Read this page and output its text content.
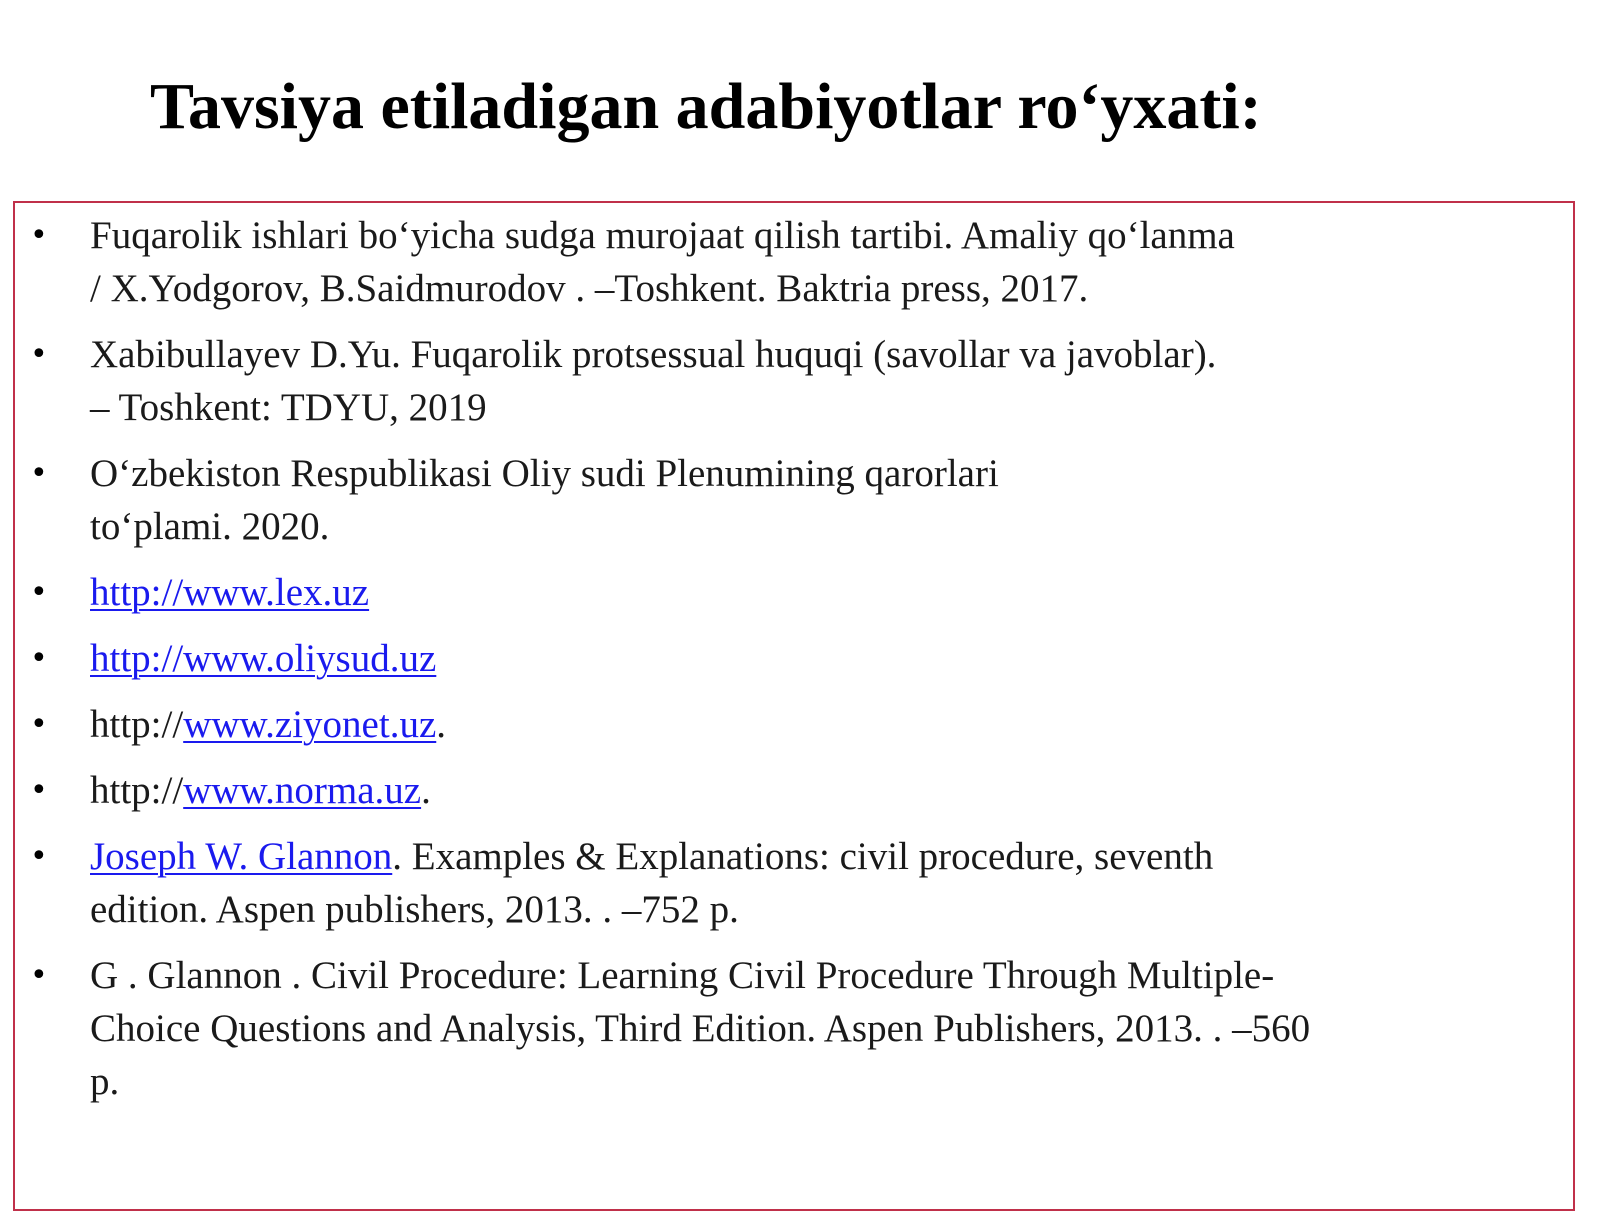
Tavsiya etiladigan adabiyotlar ro‘yxati:
• Fuqarolik ishlari bo‘yicha sudga murojaat qilish tartibi. Amaliy qo‘lanma
/ X.Yodgorov, B.Saidmurodov . –Toshkent. Baktria press, 2017.
• Xabibullayev D.Yu. Fuqarolik protsessual huquqi (savollar va javoblar).
– Toshkent: TDYU, 2019
• O‘zbekiston Respublikasi Oliy sudi Plenumining qarorlari
to‘plami. 2020.
• http://www.lex.uz
• http://www.oliysud.uz
• http://www.ziyonet.uz.
• http://www.norma.uz.
• Joseph W. Glannon. Examples & Explanations: civil procedure, seventh
edition. Aspen publishers, 2013. . –752 p.
• G . Glannon . Civil Procedure: Learning Civil Procedure Through Multiple-
Choice Questions and Analysis, Third Edition. Aspen Publishers, 2013. . –560
p.
